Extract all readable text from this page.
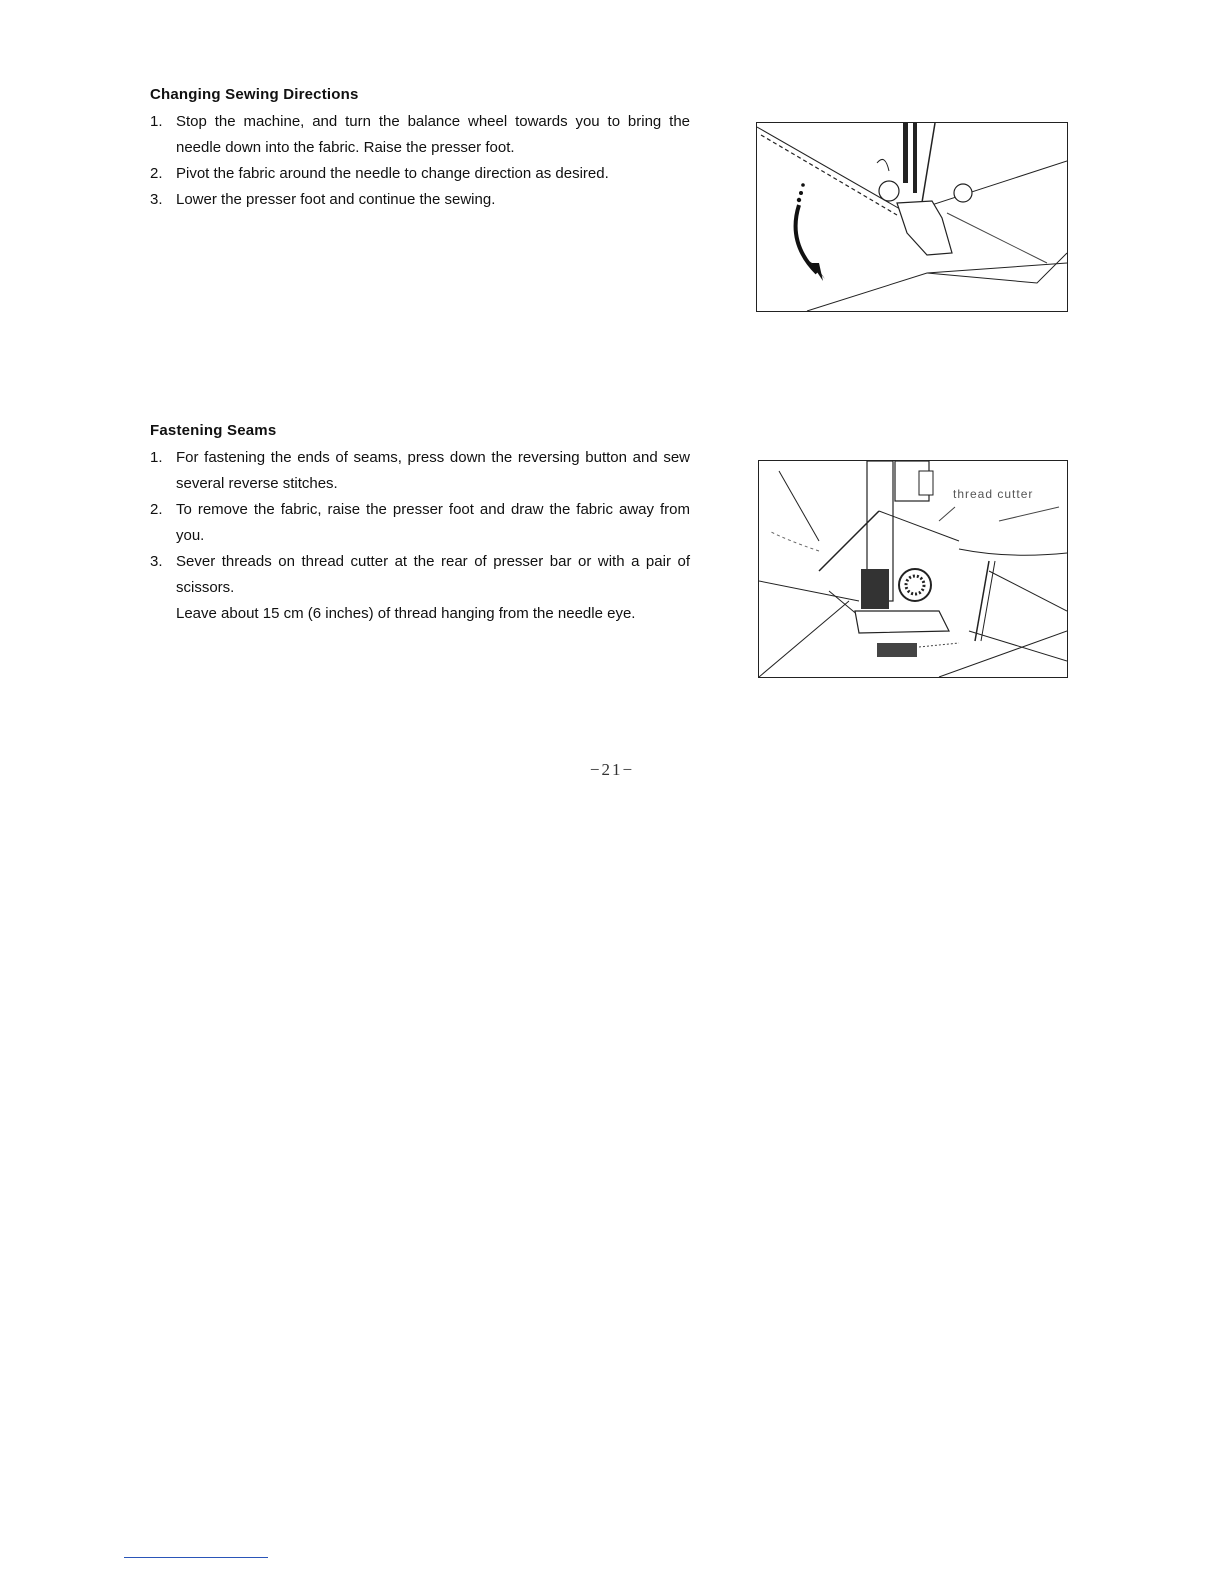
Changing Sewing Directions
1. Stop the machine, and turn the balance wheel towards you to bring the needle down into the fabric. Raise the presser foot.
2. Pivot the fabric around the needle to change direction as desired.
3. Lower the presser foot and continue the sewing.
Fastening Seams
1. For fastening the ends of seams, press down the reversing button and sew several reverse stitches.
2. To remove the fabric, raise the presser foot and draw the fabric away from you.
3. Sever threads on thread cutter at the rear of presser bar or with a pair of scissors.
Leave about 15 cm (6 inches) of thread hanging from the needle eye.
thread cutter
−21−
